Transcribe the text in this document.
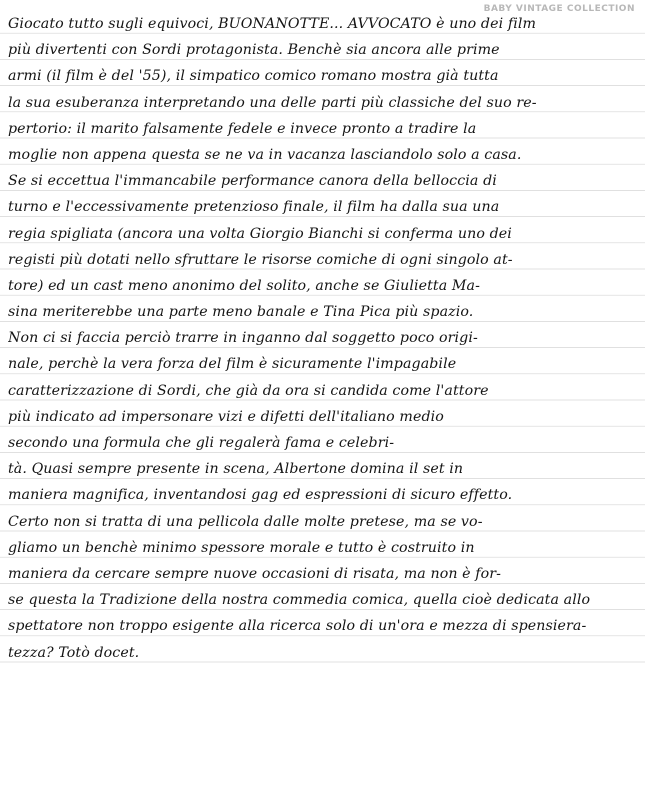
BABY VINTAGE COLLECTION
Giocato tutto sugli equivoci, BUONANOTTE... AVVOCATO è uno dei film
più divertenti con Sordi protagonista. Benchè sia ancora alle prime
armi (il film è del '55), il simpatico comico romano mostra già tutta
la sua esuberanza interpretando una delle parti più classiche del suo re-
pertorio: il marito falsamente fedele e invece pronto a tradire la
moglie non appena questa se ne va in vacanza lasciandolo solo a casa.
Se si eccettua l'immancabile performance canora della belloccia di
turno e l'eccessivamente pretenzioso finale, il film ha dalla sua una
regia spigliata (ancora una volta Giorgio Bianchi si conferma uno dei
registi più dotati nello sfruttare le risorse comiche di ogni singolo at-
tore) ed un cast meno anonimo del solito, anche se Giulietta Ma-
sina meriterebbe una parte meno banale e Tina Pica più spazio.
Non ci si faccia perciò trarre in inganno dal soggetto poco origi-
nale, perchè la vera forza del film è sicuramente l'impagabile
caratterizzazione di Sordi, che già da ora si candida come l'attore
più indicato ad impersonare vizi e difetti dell'italiano medio
secondo una formula che gli regalerà fama e celebri-
tà. Quasi sempre presente in scena, Albertone domina il set in
maniera magnifica, inventandosi gag ed espressioni di sicuro effetto.
Certo non si tratta di una pellicola dalle molte pretese, ma se vo-
gliamo un benchè minimo spessore morale e tutto è costruito in
maniera da cercare sempre nuove occasioni di risata, ma non è for-
se questa la Tradizione della nostra commedia comica, quella cioè dedicata allo
spettatore non troppo esigente alla ricerca solo di un'ora e mezza di spensiera-
tezza? Totò docet.
